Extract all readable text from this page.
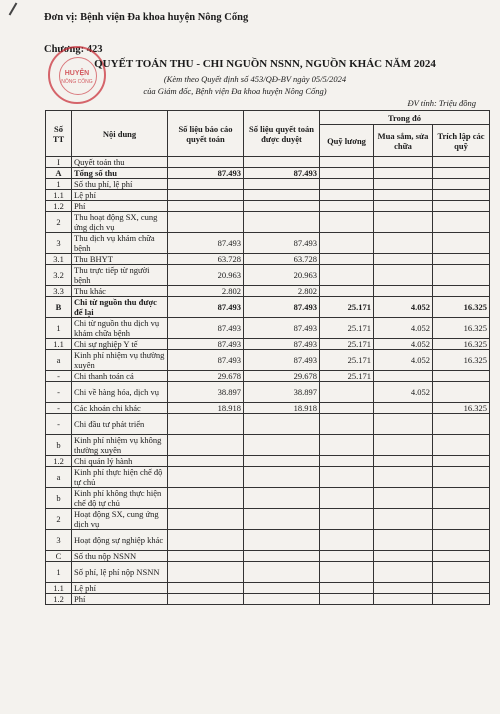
Đơn vị: Bệnh viện Đa khoa huyện Nông Cống
Chương: 423
HUYỆN
NÔNG CỐNG
QUYẾT TOÁN THU - CHI NGUỒN NSNN, NGUỒN KHÁC NĂM 2024
(Kèm theo Quyết định số 453/QĐ-BV ngày 05/5/2024
của Giám đốc, Bệnh viện Đa khoa huyện Nông Cống)
ĐV tính: Triệu đồng
Số TT	Nội dung	Số liệu báo cáo quyết toán	Số liệu quyết toán được duyệt	Trong đó		
				Quỹ lương	Mua sắm, sửa chữa	Trích lập các quỹ
I	Quyết toán thu					
A	Tổng số thu	87.493	87.493			
1	Số thu phí, lệ phí					
1.1	Lệ phí					
1.2	Phí					
2	Thu hoạt động SX, cung ứng dịch vụ					
3	Thu dịch vụ khám chữa bệnh	87.493	87.493			
3.1	Thu BHYT	63.728	63.728			
3.2	Thu trực tiếp từ người bệnh	20.963	20.963			
3.3	Thu khác	2.802	2.802			
B	Chi từ nguồn thu được để lại	87.493	87.493	25.171	4.052	16.325
1	Chi từ nguồn thu dịch vụ khám chữa bệnh	87.493	87.493	25.171	4.052	16.325
1.1	Chi sự nghiệp Y tế	87.493	87.493	25.171	4.052	16.325
a	Kinh phí nhiệm vụ thường xuyên	87.493	87.493	25.171	4.052	16.325
-	Chi thanh toán cá	29.678	29.678	25.171		
-	Chi về hàng hóa, dịch vụ	38.897	38.897		4.052	
-	Các khoản chi khác	18.918	18.918			16.325
-	Chi đầu tư phát triển					
b	Kinh phí nhiệm vụ không thường xuyên					
1.2	Chi quản lý hành					
a	Kinh phí thực hiện chế độ tự chủ					
b	Kinh phí không thực hiện chế độ tự chủ					
2	Hoạt động SX, cung ứng dịch vụ					
3	Hoạt động sự nghiệp khác					
C	Số thu nộp NSNN					
1	Số phí, lệ phí nộp NSNN					
1.1	Lệ phí					
1.2	Phí					
